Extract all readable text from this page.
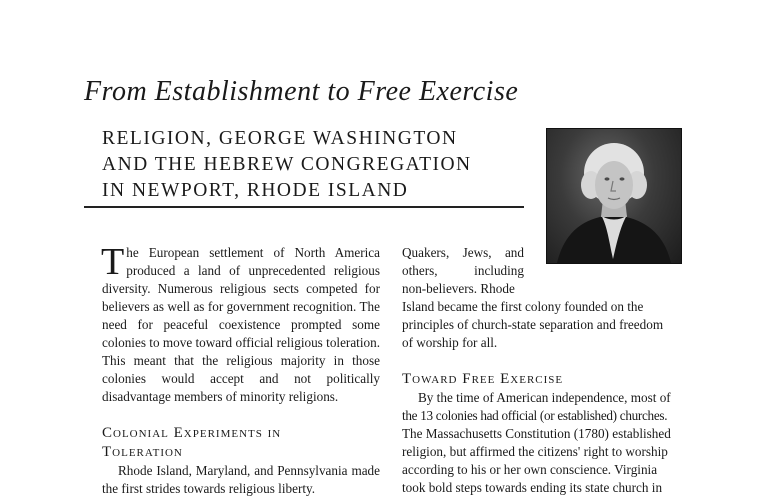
From Establishment to Free Exercise
RELIGION, GEORGE WASHINGTON
AND THE HEBREW CONGREGATION
IN NEWPORT, RHODE ISLAND

T he European settlement of North America produced a land of unprecedented religious diversity. Numerous religious sects competed for believers as well as for government recognition. The need for peaceful coexistence prompted some colonies to move toward official religious toleration. This meant that the religious majority in those colonies would accept and not politically disadvantage members of minority religions.

Colonial Experiments in
Toleration

Rhode Island, Maryland, and Pennsylvania made the first strides towards religious liberty.

Quakers, Jews, and
others, including
non-believers. Rhode
Island became the first colony founded on the
principles of church-state separation and freedom
of worship for all.

Toward Free Exercise

By the time of American independence, most of
the 13 colonies had official (or established) churches.
The Massachusetts Constitution (1780) established
religion, but affirmed the citizens' right to worship
according to his or her own conscience. Virginia
took bold steps towards ending its state church in
